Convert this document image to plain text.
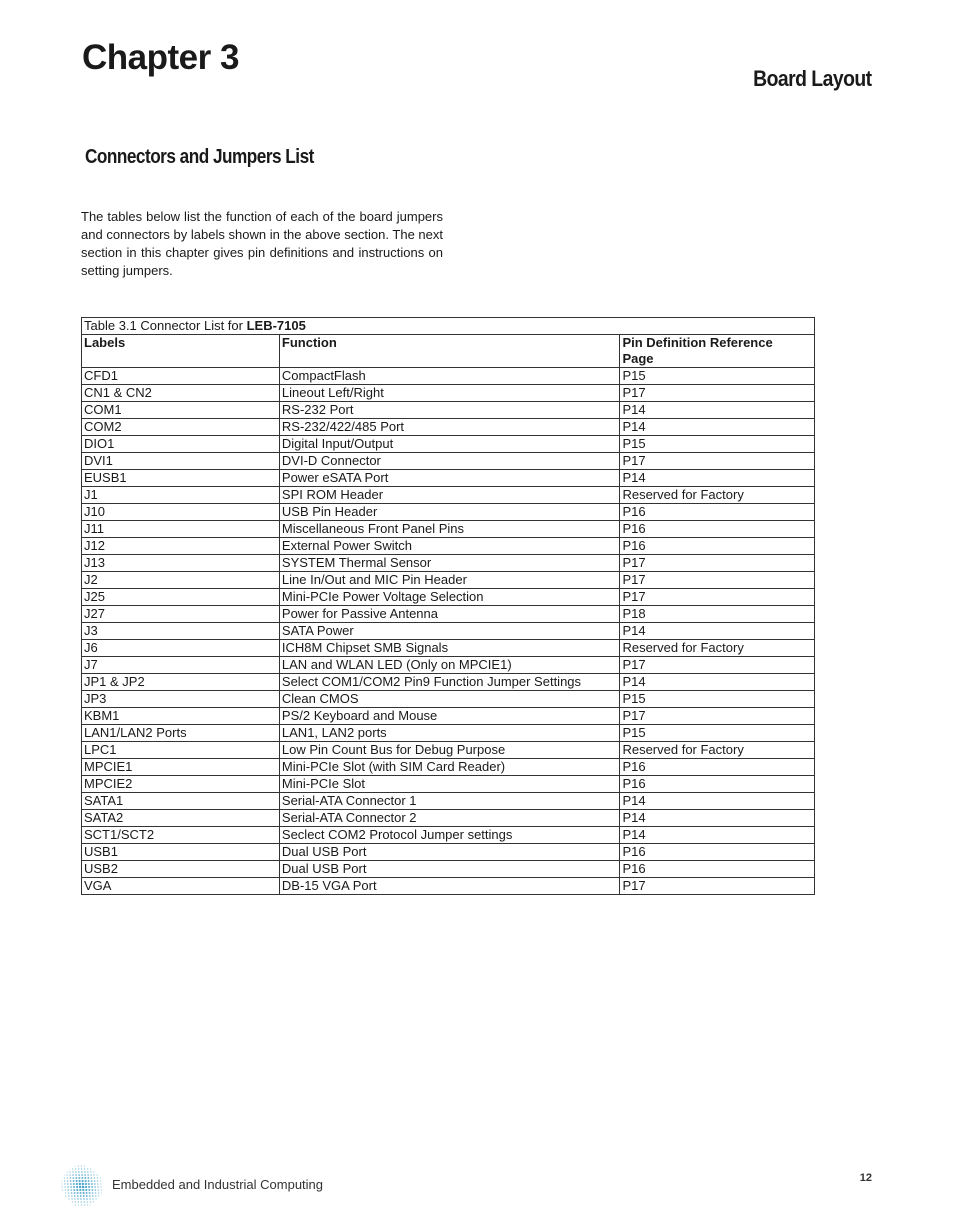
Chapter 3
Board Layout
Connectors and Jumpers List

The tables below list the function of each of the board jumpers and connectors by labels shown in the above section. The next section in this chapter gives pin definitions and instructions on setting jumpers.

Table 3.1 Connector List for LEB-7105		
Labels	Function	Pin Definition Reference
Page
CFD1	CompactFlash	P15
CN1 & CN2	Lineout Left/Right	P17
COM1	RS-232 Port	P14
COM2	RS-232/422/485 Port	P14
DIO1	Digital Input/Output	P15
DVI1	DVI-D Connector	P17
EUSB1	Power eSATA Port	P14
J1	SPI ROM Header	Reserved for Factory
J10	USB Pin Header	P16
J11	Miscellaneous Front Panel Pins	P16
J12	External Power Switch	P16
J13	SYSTEM Thermal Sensor	P17
J2	Line In/Out and MIC Pin Header	P17
J25	Mini-PCIe Power Voltage Selection	P17
J27	Power for Passive Antenna	P18
J3	SATA Power	P14
J6	ICH8M Chipset SMB Signals	Reserved for Factory
J7	LAN and WLAN LED (Only on MPCIE1)	P17
JP1 & JP2	Select COM1/COM2 Pin9 Function Jumper Settings	P14
JP3	Clean CMOS	P15
KBM1	PS/2 Keyboard and Mouse	P17
LAN1/LAN2 Ports	LAN1, LAN2 ports	P15
LPC1	Low Pin Count Bus for Debug Purpose	Reserved for Factory
MPCIE1	Mini-PCIe Slot (with SIM Card Reader)	P16
MPCIE2	Mini-PCIe Slot	P16
SATA1	Serial-ATA Connector 1	P14
SATA2	Serial-ATA Connector 2	P14
SCT1/SCT2	Seclect COM2 Protocol Jumper settings	P14
USB1	Dual USB Port	P16
USB2	Dual USB Port	P16
VGA	DB-15 VGA Port	P17
Embedded and Industrial Computing	12
